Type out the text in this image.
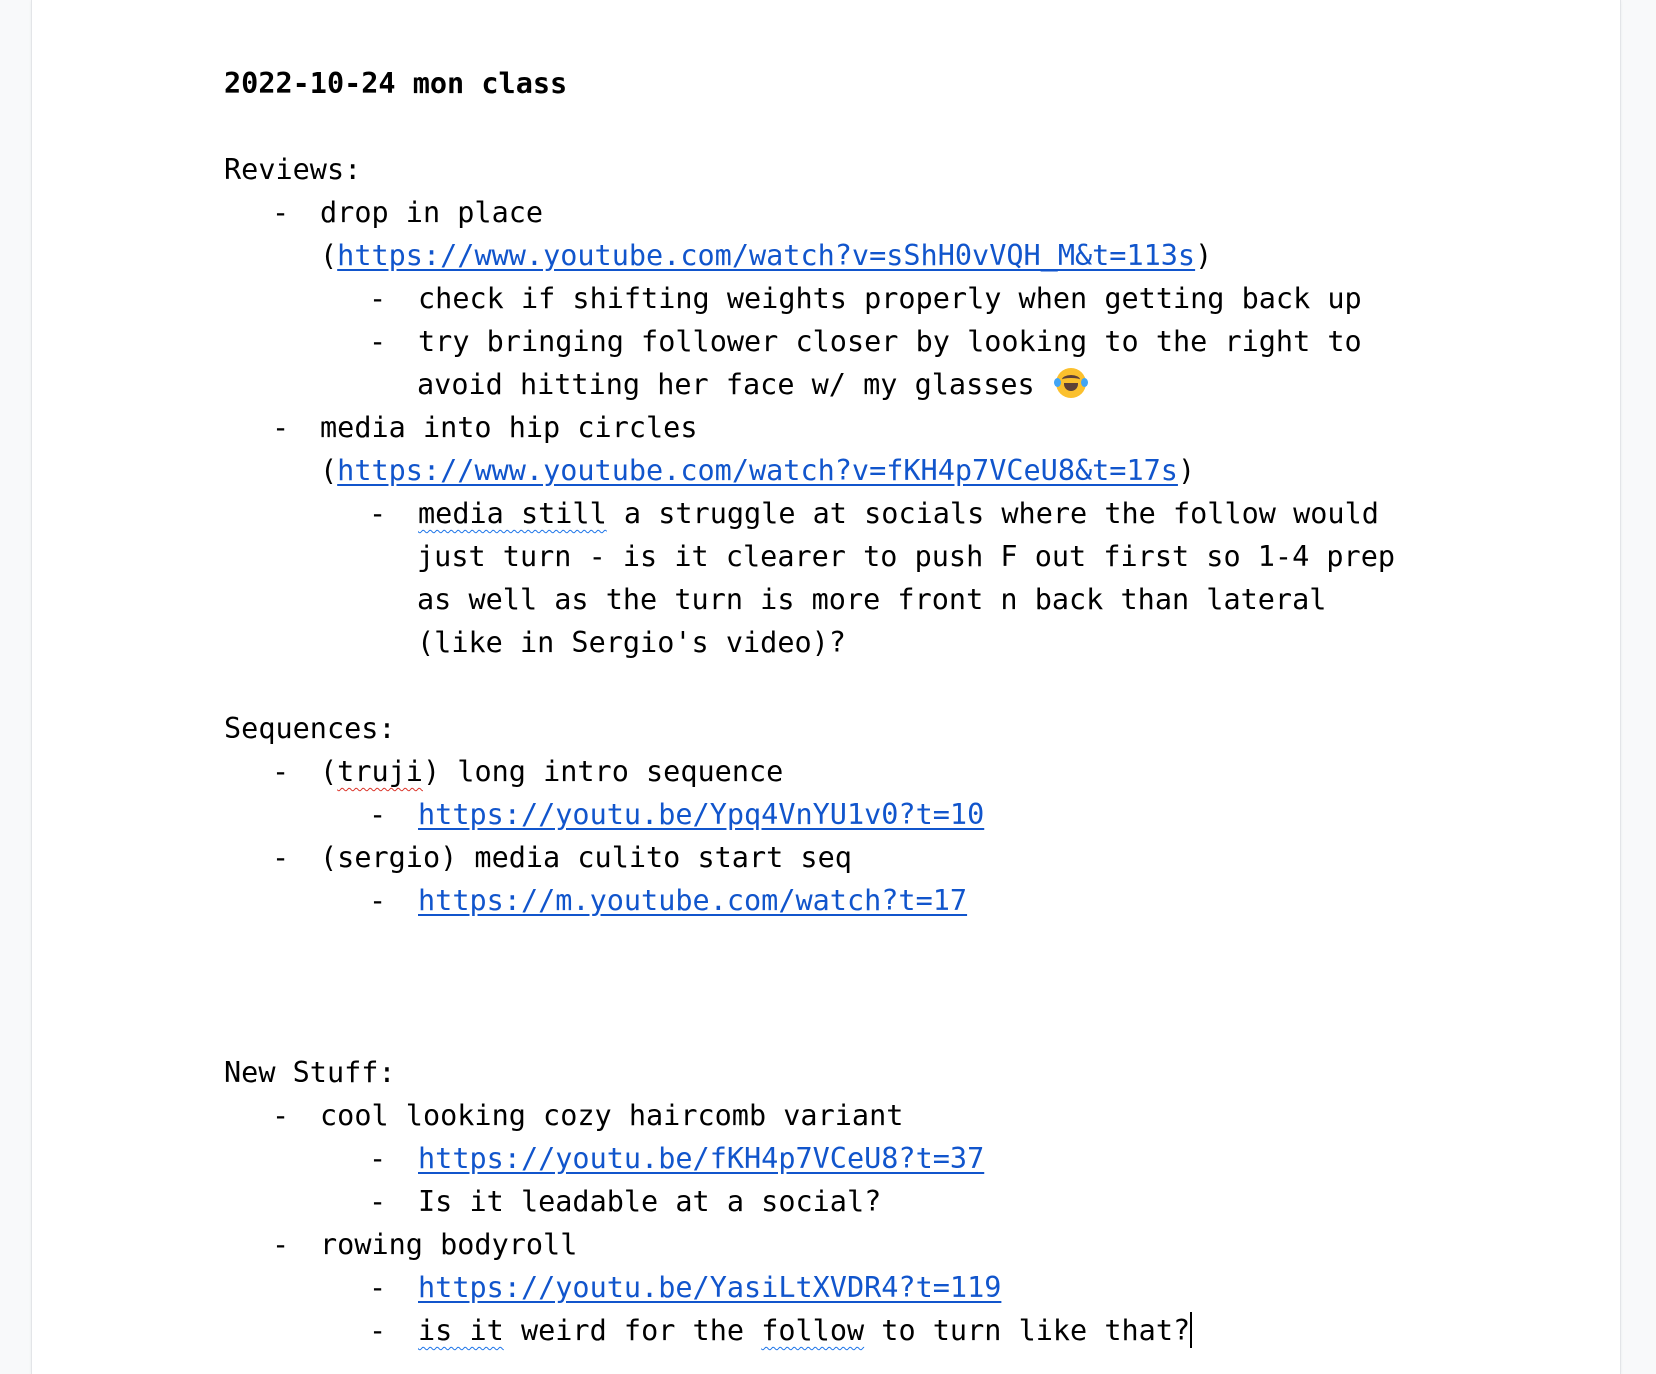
2022-10-24 mon class
Reviews:
- drop in place
(https://www.youtube.com/watch?v=sShH0vVQH_M&t=113s)
- check if shifting weights properly when getting back up
- try bringing follower closer by looking to the right to
avoid hitting her face w/ my glasses
- media into hip circles
(https://www.youtube.com/watch?v=fKH4p7VCeU8&t=17s)
- media still a struggle at socials where the follow would
just turn - is it clearer to push F out first so 1-4 prep
as well as the turn is more front n back than lateral
(like in Sergio's video)?
Sequences:
- (truji) long intro sequence
- https://youtu.be/Ypq4VnYU1v0?t=10
- (sergio) media culito start seq
- https://m.youtube.com/watch?t=17
New Stuff:
- cool looking cozy haircomb variant
- https://youtu.be/fKH4p7VCeU8?t=37
- Is it leadable at a social?
- rowing bodyroll
- https://youtu.be/YasiLtXVDR4?t=119
- is it weird for the follow to turn like that?
